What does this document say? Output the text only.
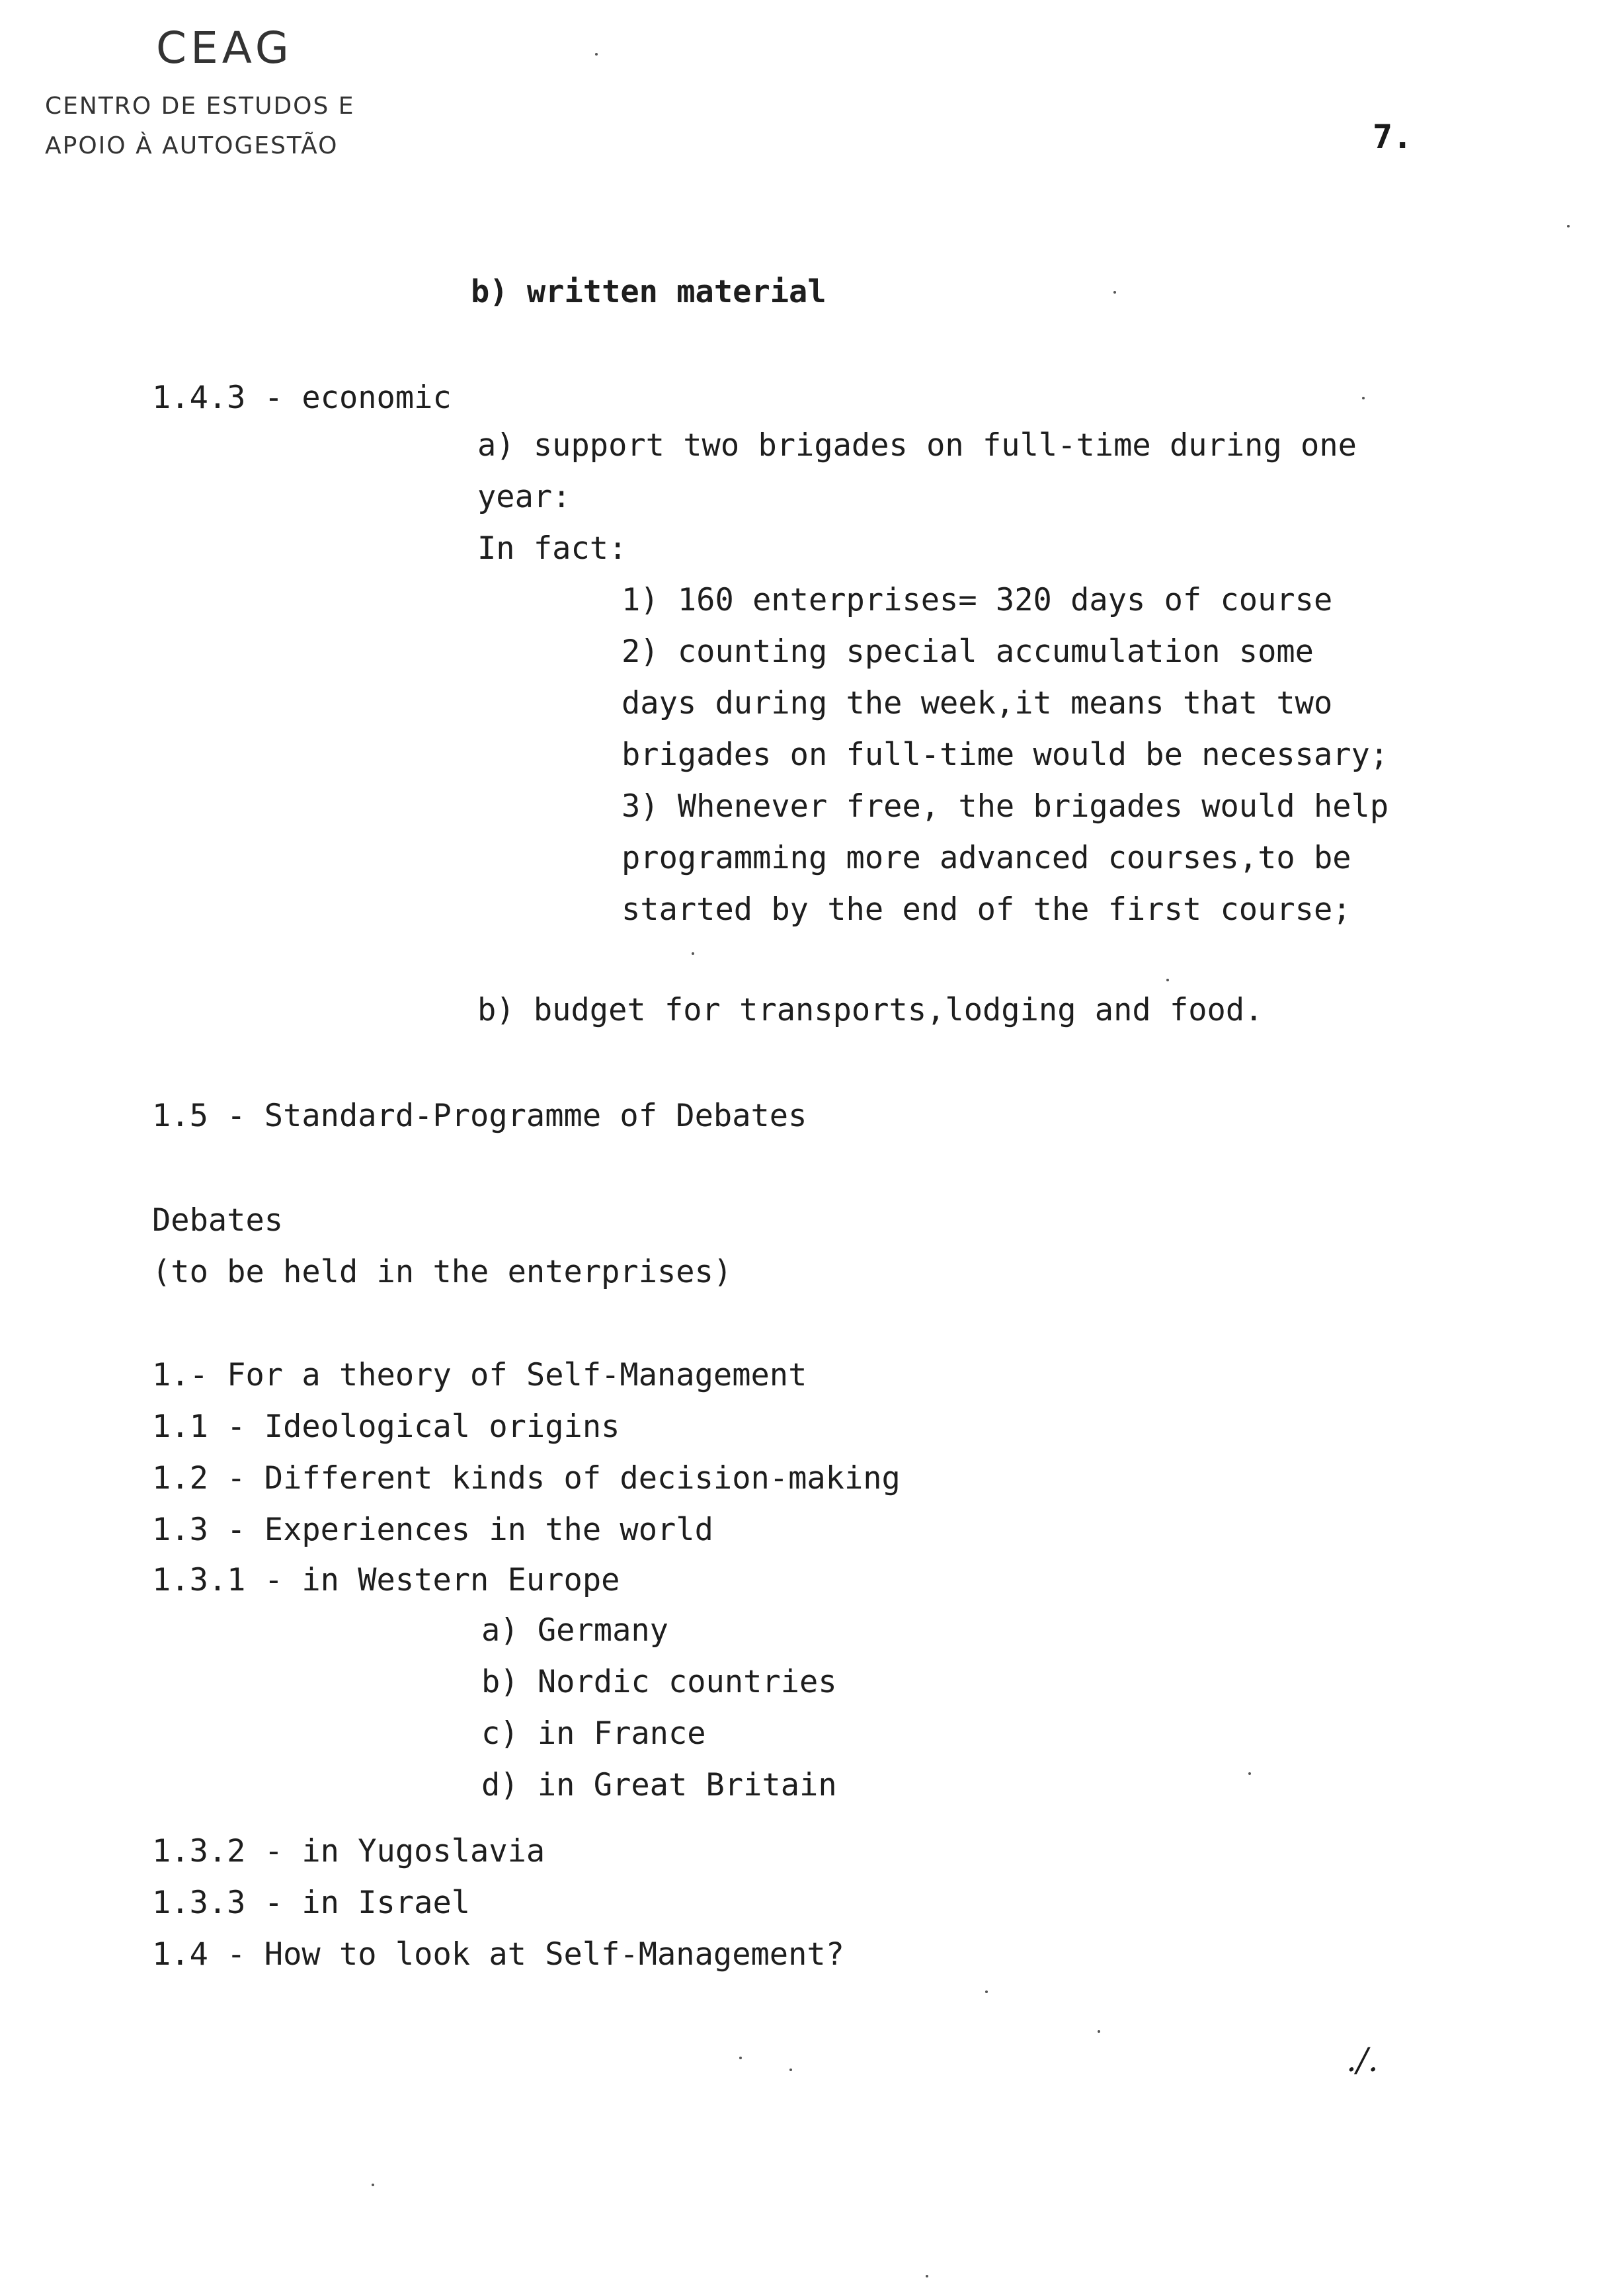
CEAG
CENTRO DE ESTUDOS E
APOIO À AUTOGESTÃO	7.
b) written material
1.4.3 - economic
a) support two brigades on full-time during one
year:
In fact:
1) 160 enterprises= 320 days of course
2) counting special accumulation some
days during the week,it means that two
brigades on full-time would be necessary;
3) Whenever free, the brigades would help
programming more advanced courses,to be
started by the end of the first course;
b) budget for transports,lodging and food.
1.5 - Standard-Programme of Debates
Debates
(to be held in the enterprises)
1.- For a theory of Self-Management
1.1 - Ideological origins
1.2 - Different kinds of decision-making
1.3 - Experiences in the world
1.3.1 - in Western Europe
a) Germany
b) Nordic countries
c) in France
d) in Great Britain
1.3.2 - in Yugoslavia
1.3.3 - in Israel
1.4 - How to look at Self-Management?
./.
